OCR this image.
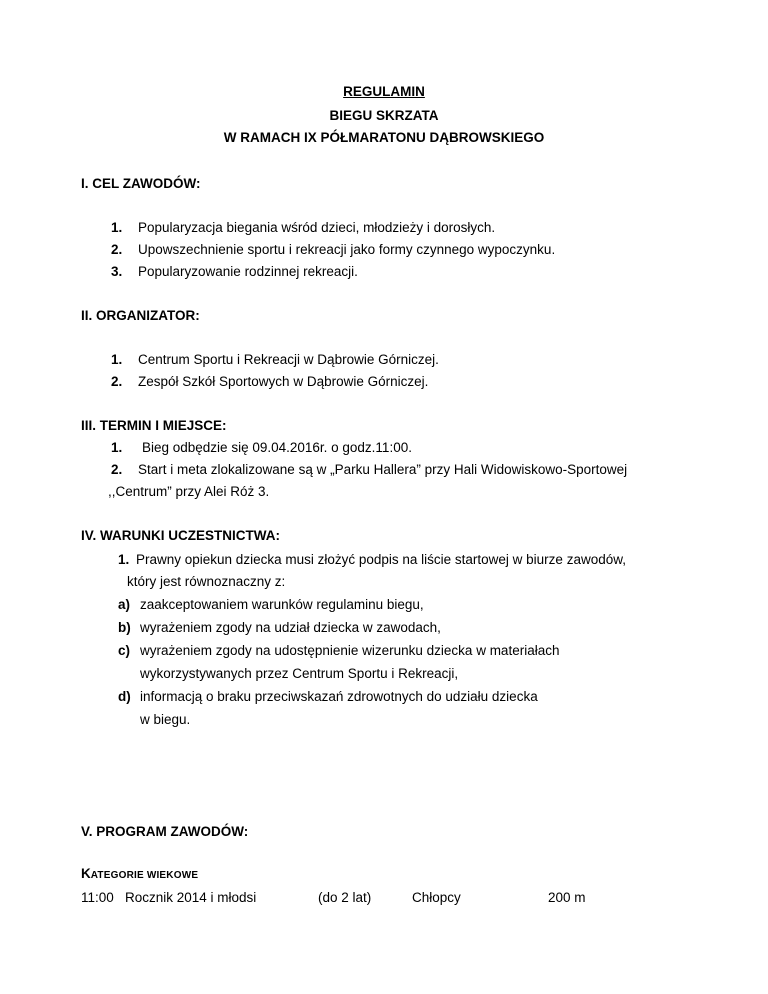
REGULAMIN
BIEGU SKRZATA
W RAMACH IX PÓŁMARATONU DĄBROWSKIEGO
I. CEL ZAWODÓW:
1. Popularyzacja biegania wśród dzieci, młodzieży i dorosłych.
2. Upowszechnienie sportu i rekreacji jako formy czynnego wypoczynku.
3. Popularyzowanie rodzinnej rekreacji.
II. ORGANIZATOR:
1. Centrum Sportu i Rekreacji w Dąbrowie Górniczej.
2. Zespół Szkół Sportowych w Dąbrowie Górniczej.
III. TERMIN I MIEJSCE:
1. Bieg odbędzie się 09.04.2016r. o godz.11:00.
2. Start i meta zlokalizowane są w „Parku Hallera” przy Hali Widowiskowo-Sportowej
,,Centrum” przy Alei Róż 3.
IV. WARUNKI UCZESTNICTWA:
1. Prawny opiekun dziecka musi złożyć podpis na liście startowej w biurze zawodów,
który jest równoznaczny z:
a) zaakceptowaniem warunków regulaminu biegu,
b) wyrażeniem zgody na udział dziecka w zawodach,
c) wyrażeniem zgody na udostępnienie wizerunku dziecka w materiałach
wykorzystywanych przez Centrum Sportu i Rekreacji,
d) informacją o braku przeciwskazań zdrowotnych do udziału dziecka
w biegu.
V. PROGRAM ZAWODÓW:
KATEGORIE WIEKOWE
11:00 Rocznik 2014 i młodsi	(do 2 lat)	Chłopcy	200 m
